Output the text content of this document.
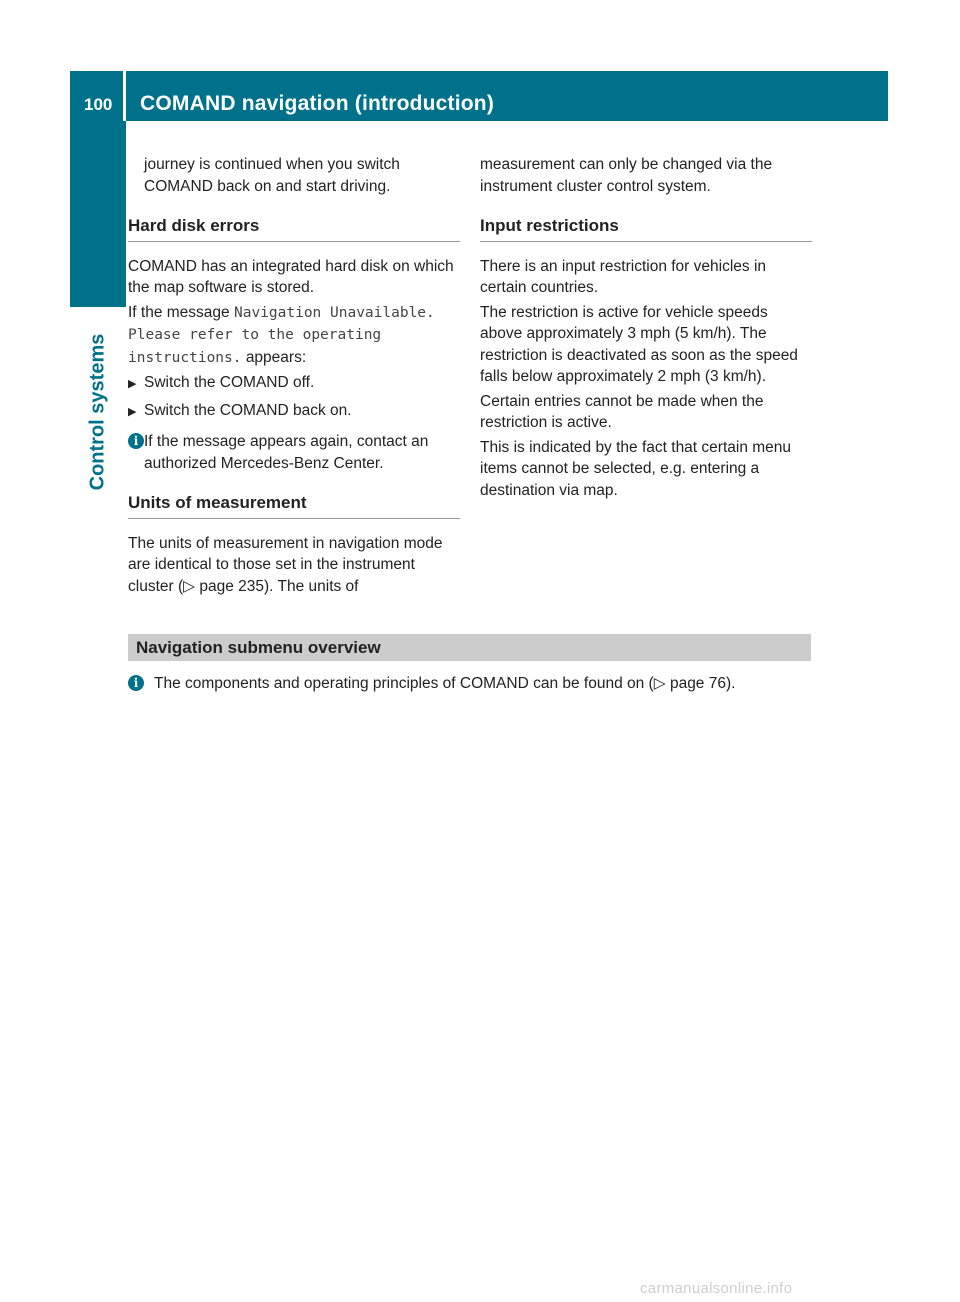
100 COMAND navigation (introduction)
Control systems

journey is continued when you switch COMAND back on and start driving.

Hard disk errors

COMAND has an integrated hard disk on which the map software is stored.

If the message Navigation Unavailable. Please refer to the operating instructions. appears:

▶ Switch the COMAND off.
▶ Switch the COMAND back on.

i If the message appears again, contact an authorized Mercedes-Benz Center.

Units of measurement

The units of measurement in navigation mode are identical to those set in the instrument cluster (▷ page 235). The units of

measurement can only be changed via the instrument cluster control system.

Input restrictions

There is an input restriction for vehicles in certain countries.

The restriction is active for vehicle speeds above approximately 3 mph (5 km/h). The restriction is deactivated as soon as the speed falls below approximately 2 mph (3 km/h).

Certain entries cannot be made when the restriction is active.

This is indicated by the fact that certain menu items cannot be selected, e.g. entering a destination via map.

Navigation submenu overview

i The components and operating principles of COMAND can be found on (▷ page 76).

carmanualsonline.info
